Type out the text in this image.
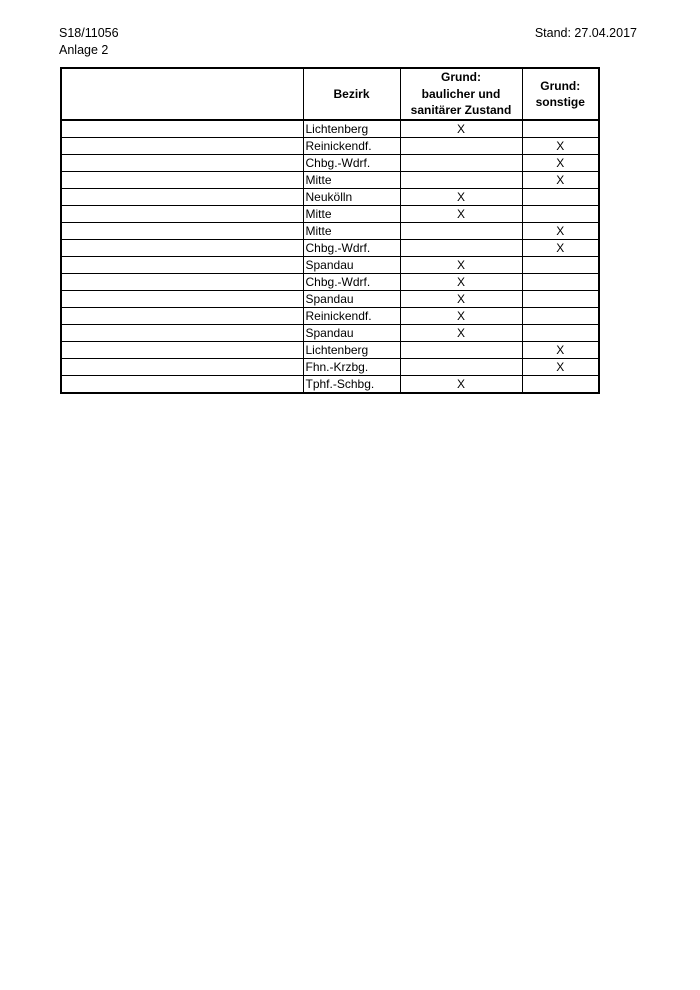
S18/11056
Anlage 2
Stand: 27.04.2017
	Bezirk	Grund:
baulicher und
sanitärer Zustand	Grund:
sonstige

	Lichtenberg	X	
	Reinickendf.		X
	Chbg.-Wdrf.		X
	Mitte		X
	Neukölln	X	
	Mitte	X	
	Mitte		X
	Chbg.-Wdrf.		X
	Spandau	X	
	Chbg.-Wdrf.	X	
	Spandau	X	
	Reinickendf.	X	
	Spandau	X	
	Lichtenberg		X
	Fhn.-Krzbg.		X
	Tphf.-Schbg.	X	
